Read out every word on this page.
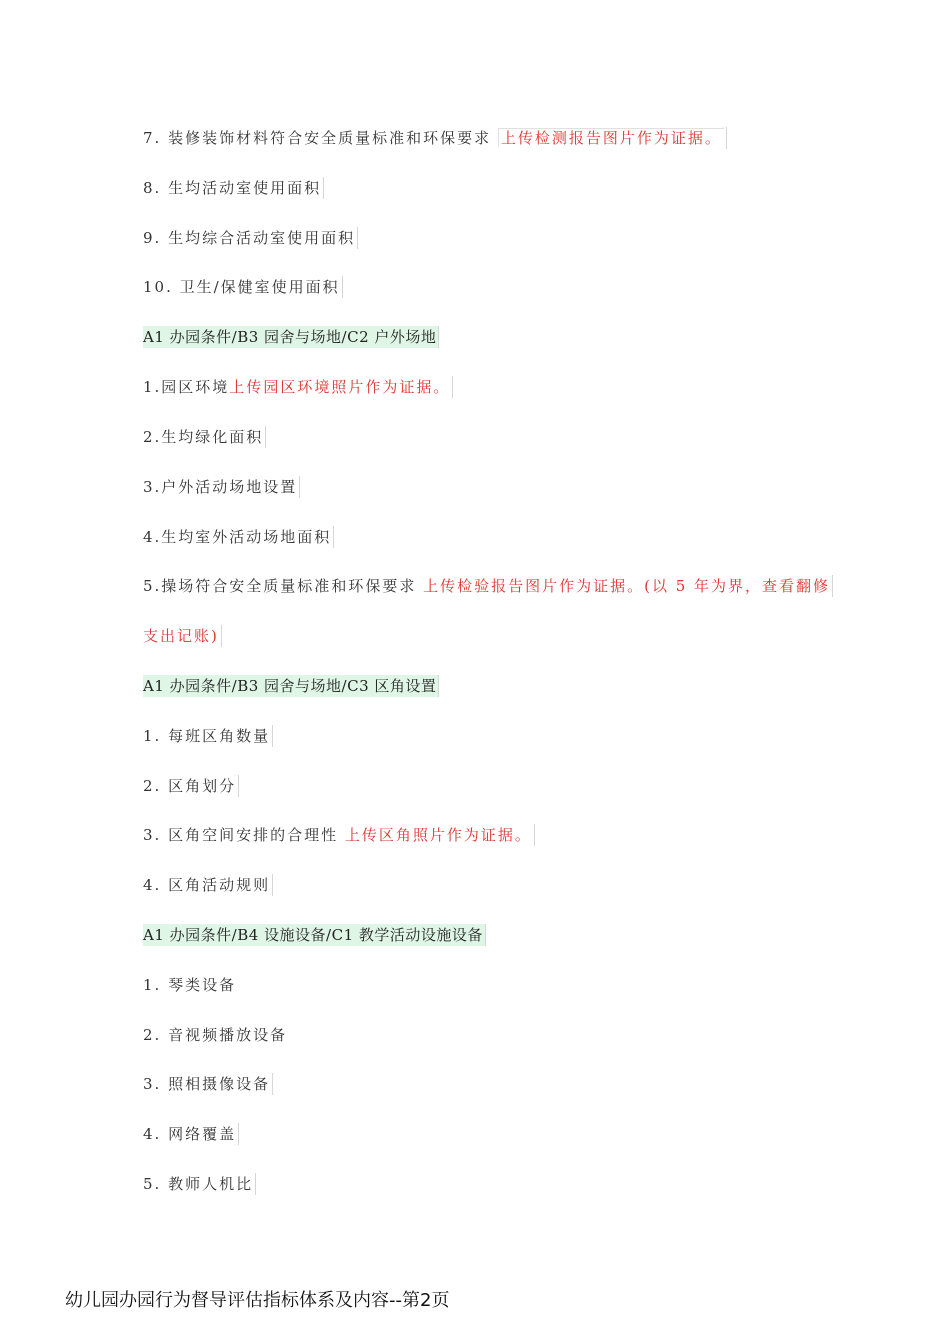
7. 装修装饰材料符合安全质量标准和环保要求 上传检测报告图片作为证据。
8. 生均活动室使用面积
9. 生均综合活动室使用面积
10. 卫生/保健室使用面积
A1 办园条件/B3 园舍与场地/C2 户外场地
1.园区环境上传园区环境照片作为证据。
2.生均绿化面积
3.户外活动场地设置
4.生均室外活动场地面积
5.操场符合安全质量标准和环保要求 上传检验报告图片作为证据。(以 5 年为界，查看翻修
支出记账)
A1 办园条件/B3 园舍与场地/C3 区角设置
1. 每班区角数量
2. 区角划分
3. 区角空间安排的合理性 上传区角照片作为证据。
4. 区角活动规则
A1 办园条件/B4 设施设备/C1 教学活动设施设备
1. 琴类设备
2. 音视频播放设备
3. 照相摄像设备
4. 网络覆盖
5. 教师人机比
幼儿园办园行为督导评估指标体系及内容--第2页
